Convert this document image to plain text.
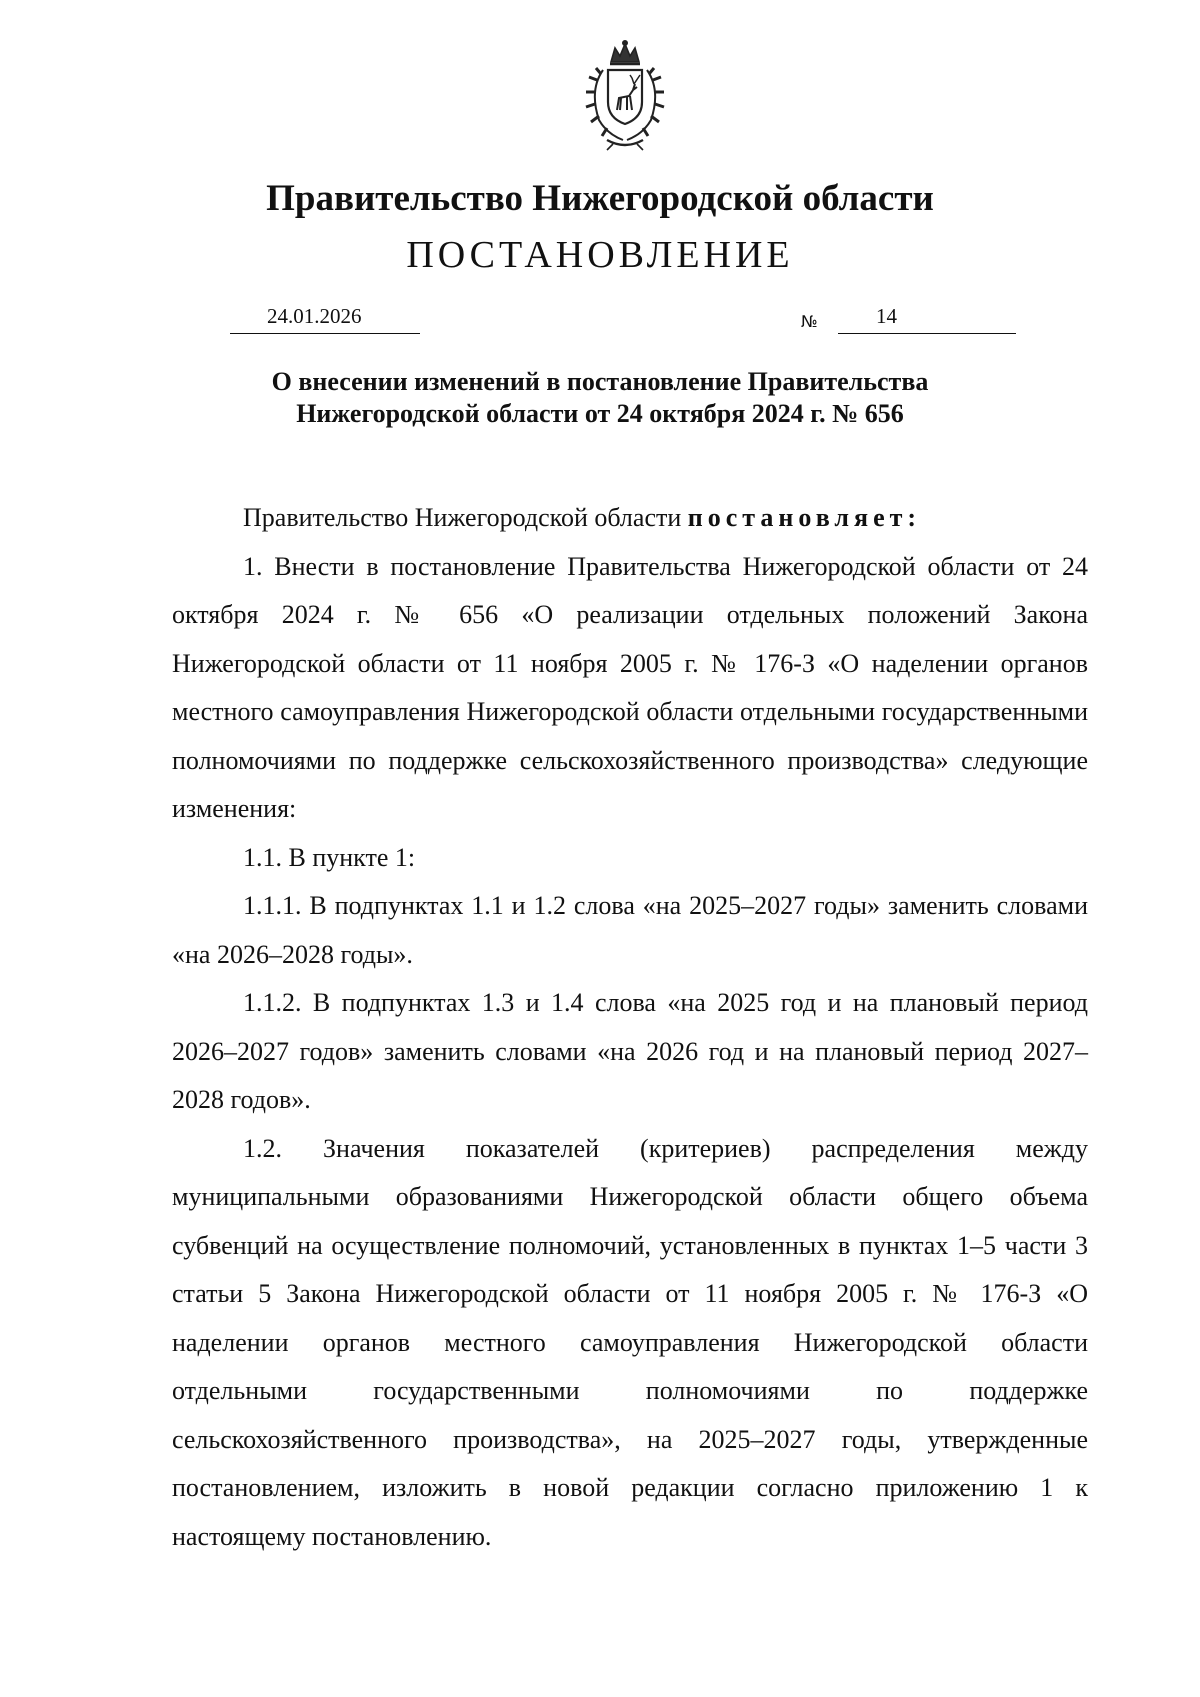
Правительство Нижегородской области
ПОСТАНОВЛЕНИЕ
24.01.2026	№	14
О внесении изменений в постановление Правительства
Нижегородской области от 24 октября 2024 г. № 656

Правительство Нижегородской области постановляет:

1. Внести в постановление Правительства Нижегородской области от 24 октября 2024 г. № 656 «О реализации отдельных положений Закона Нижегородской области от 11 ноября 2005 г. № 176-З «О наделении органов местного самоуправления Нижегородской области отдельными государственными полномочиями по поддержке сельскохозяйственного производства» следующие изменения:

1.1. В пункте 1:

1.1.1. В подпунктах 1.1 и 1.2 слова «на 2025–2027 годы» заменить словами «на 2026–2028 годы».

1.1.2. В подпунктах 1.3 и 1.4 слова «на 2025 год и на плановый период 2026–2027 годов» заменить словами «на 2026 год и на плановый период 2027–2028 годов».

1.2. Значения показателей (критериев) распределения между муниципальными образованиями Нижегородской области общего объема субвенций на осуществление полномочий, установленных в пунктах 1–5 части 3 статьи 5 Закона Нижегородской области от 11 ноября 2005 г. № 176-З «О наделении органов местного самоуправления Нижегородской области отдельными государственными полномочиями по поддержке сельскохозяйственного производства», на 2025–2027 годы, утвержденные постановлением, изложить в новой редакции согласно приложению 1 к настоящему постановлению.
